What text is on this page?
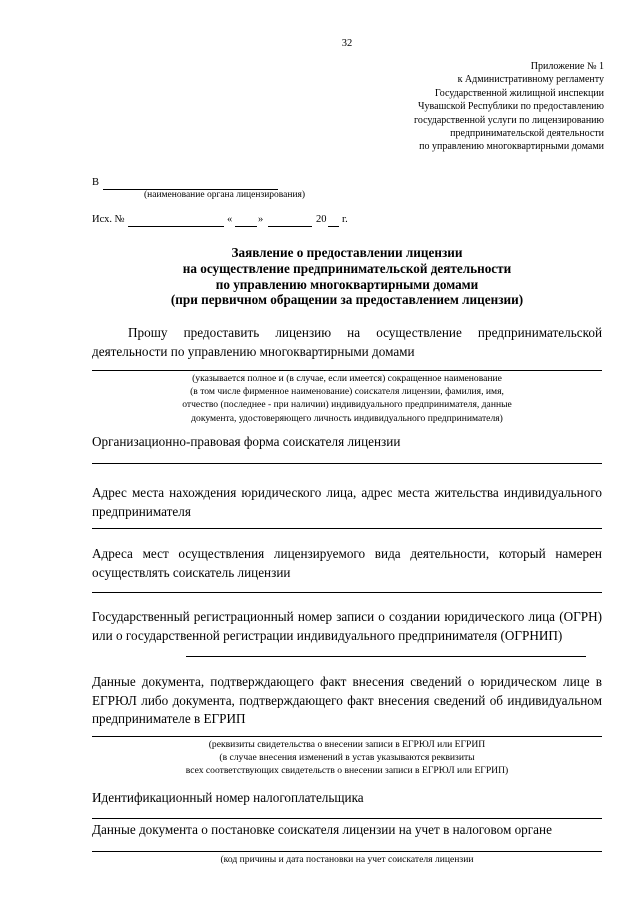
32
Приложение № 1
к Административному регламенту
Государственной жилищной инспекции
Чувашской Республики по предоставлению
государственной услуги по лицензированию
предпринимательской деятельности
по управлению многоквартирными домами
В
(наименование органа лицензирования)
Исх. №	« »	20 г.
Заявление о предоставлении лицензии
на осуществление предпринимательской деятельности
по управлению многоквартирными домами
(при первичном обращении за предоставлением лицензии)
Прошу предоставить лицензию на осуществление предпринимательской деятельности по управлению многоквартирными домами
(указывается полное и (в случае, если имеется) сокращенное наименование
(в том числе фирменное наименование) соискателя лицензии, фамилия, имя,
отчество (последнее - при наличии) индивидуального предпринимателя, данные
документа, удостоверяющего личность индивидуального предпринимателя)
Организационно-правовая форма соискателя лицензии
Адрес места нахождения юридического лица, адрес места жительства индивидуального предпринимателя
Адреса мест осуществления лицензируемого вида деятельности, который намерен осуществлять соискатель лицензии
Государственный регистрационный номер записи о создании юридического лица (ОГРН) или о государственной регистрации индивидуального предпринимателя (ОГРНИП)
Данные документа, подтверждающего факт внесения сведений о юридическом лице в ЕГРЮЛ либо документа, подтверждающего факт внесения сведений об индивидуальном предпринимателе в ЕГРИП
(реквизиты свидетельства о внесении записи в ЕГРЮЛ или ЕГРИП
(в случае внесения изменений в устав указываются реквизиты
всех соответствующих свидетельств о внесении записи в ЕГРЮЛ или ЕГРИП)
Идентификационный номер налогоплательщика
Данные документа о постановке соискателя лицензии на учет в налоговом органе
(код причины и дата постановки на учет соискателя лицензии
